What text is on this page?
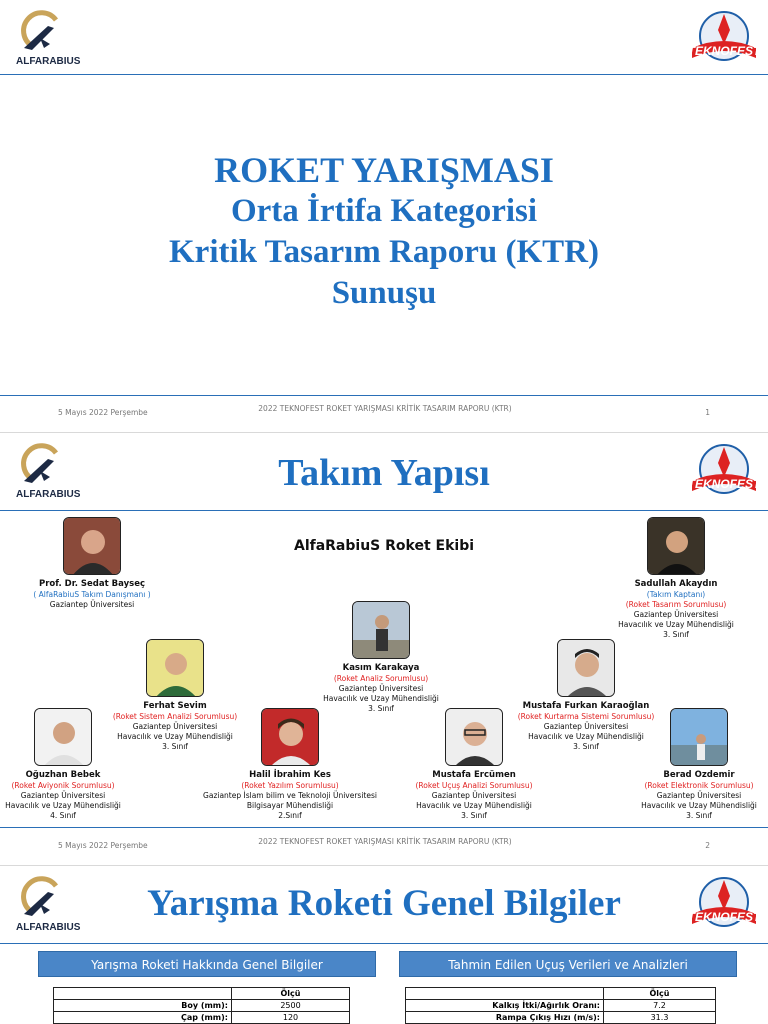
ALFARABIUS
TEKNOFEST
ROKET YARIŞMASI
Orta İrtifa Kategorisi
Kritik Tasarım Raporu (KTR)
Sunuşu
5 Mayıs 2022 Perşembe	2022 TEKNOFEST ROKET YARIŞMASI KRİTİK TASARIM RAPORU (KTR)	1
ALFARABIUS
TEKNOFEST
Takım Yapısı
AlfaRabiuS Roket Ekibi
Prof. Dr. Sedat Bayseç
( AlfaRabiuS Takım Danışmanı )
Gaziantep Üniversitesi
Sadullah Akaydın
(Takım Kaptanı)
(Roket Tasarım Sorumlusu)
Gaziantep Üniversitesi
Havacılık ve Uzay Mühendisliği
3. Sınıf
Kasım Karakaya
(Roket Analiz Sorumlusu)
Gaziantep Üniversitesi
Havacılık ve Uzay Mühendisliği
3. Sınıf
Ferhat Sevim
(Roket Sistem Analizi Sorumlusu)
Gaziantep Üniversitesi
Havacılık ve Uzay Mühendisliği
3. Sınıf
Mustafa Furkan Karaoğlan
(Roket Kurtarma Sistemi Sorumlusu)
Gaziantep Üniversitesi
Havacılık ve Uzay Mühendisliği
3. Sınıf
Oğuzhan Bebek
(Roket Aviyonik Sorumlusu)
Gaziantep Üniversitesi
Havacılık ve Uzay Mühendisliği
4. Sınıf
Halil İbrahim Kes
(Roket Yazılım Sorumlusu)
Gaziantep İslam bilim ve Teknoloji Üniversitesi
Bilgisayar Mühendisliği
2.Sınıf
Mustafa Ercümen
(Roket Uçuş Analizi Sorumlusu)
Gaziantep Üniversitesi
Havacılık ve Uzay Mühendisliği
3. Sınıf
Berad Ozdemir
(Roket Elektronik Sorumlusu)
Gaziantep Üniversitesi
Havacılık ve Uzay Mühendisliği
3. Sınıf
5 Mayıs 2022 Perşembe	2022 TEKNOFEST ROKET YARIŞMASI KRİTİK TASARIM RAPORU (KTR)	2
ALFARABIUS
TEKNOFEST
Yarışma Roketi Genel Bilgiler
Yarışma Roketi Hakkında Genel Bilgiler	Tahmin Edilen Uçuş Verileri ve Analizleri
	Ölçü
Boy (mm):	2500
Çap (mm):	120
	Ölçü
Kalkış İtki/Ağırlık Oranı:	7.2
Rampa Çıkış Hızı (m/s):	31.3
